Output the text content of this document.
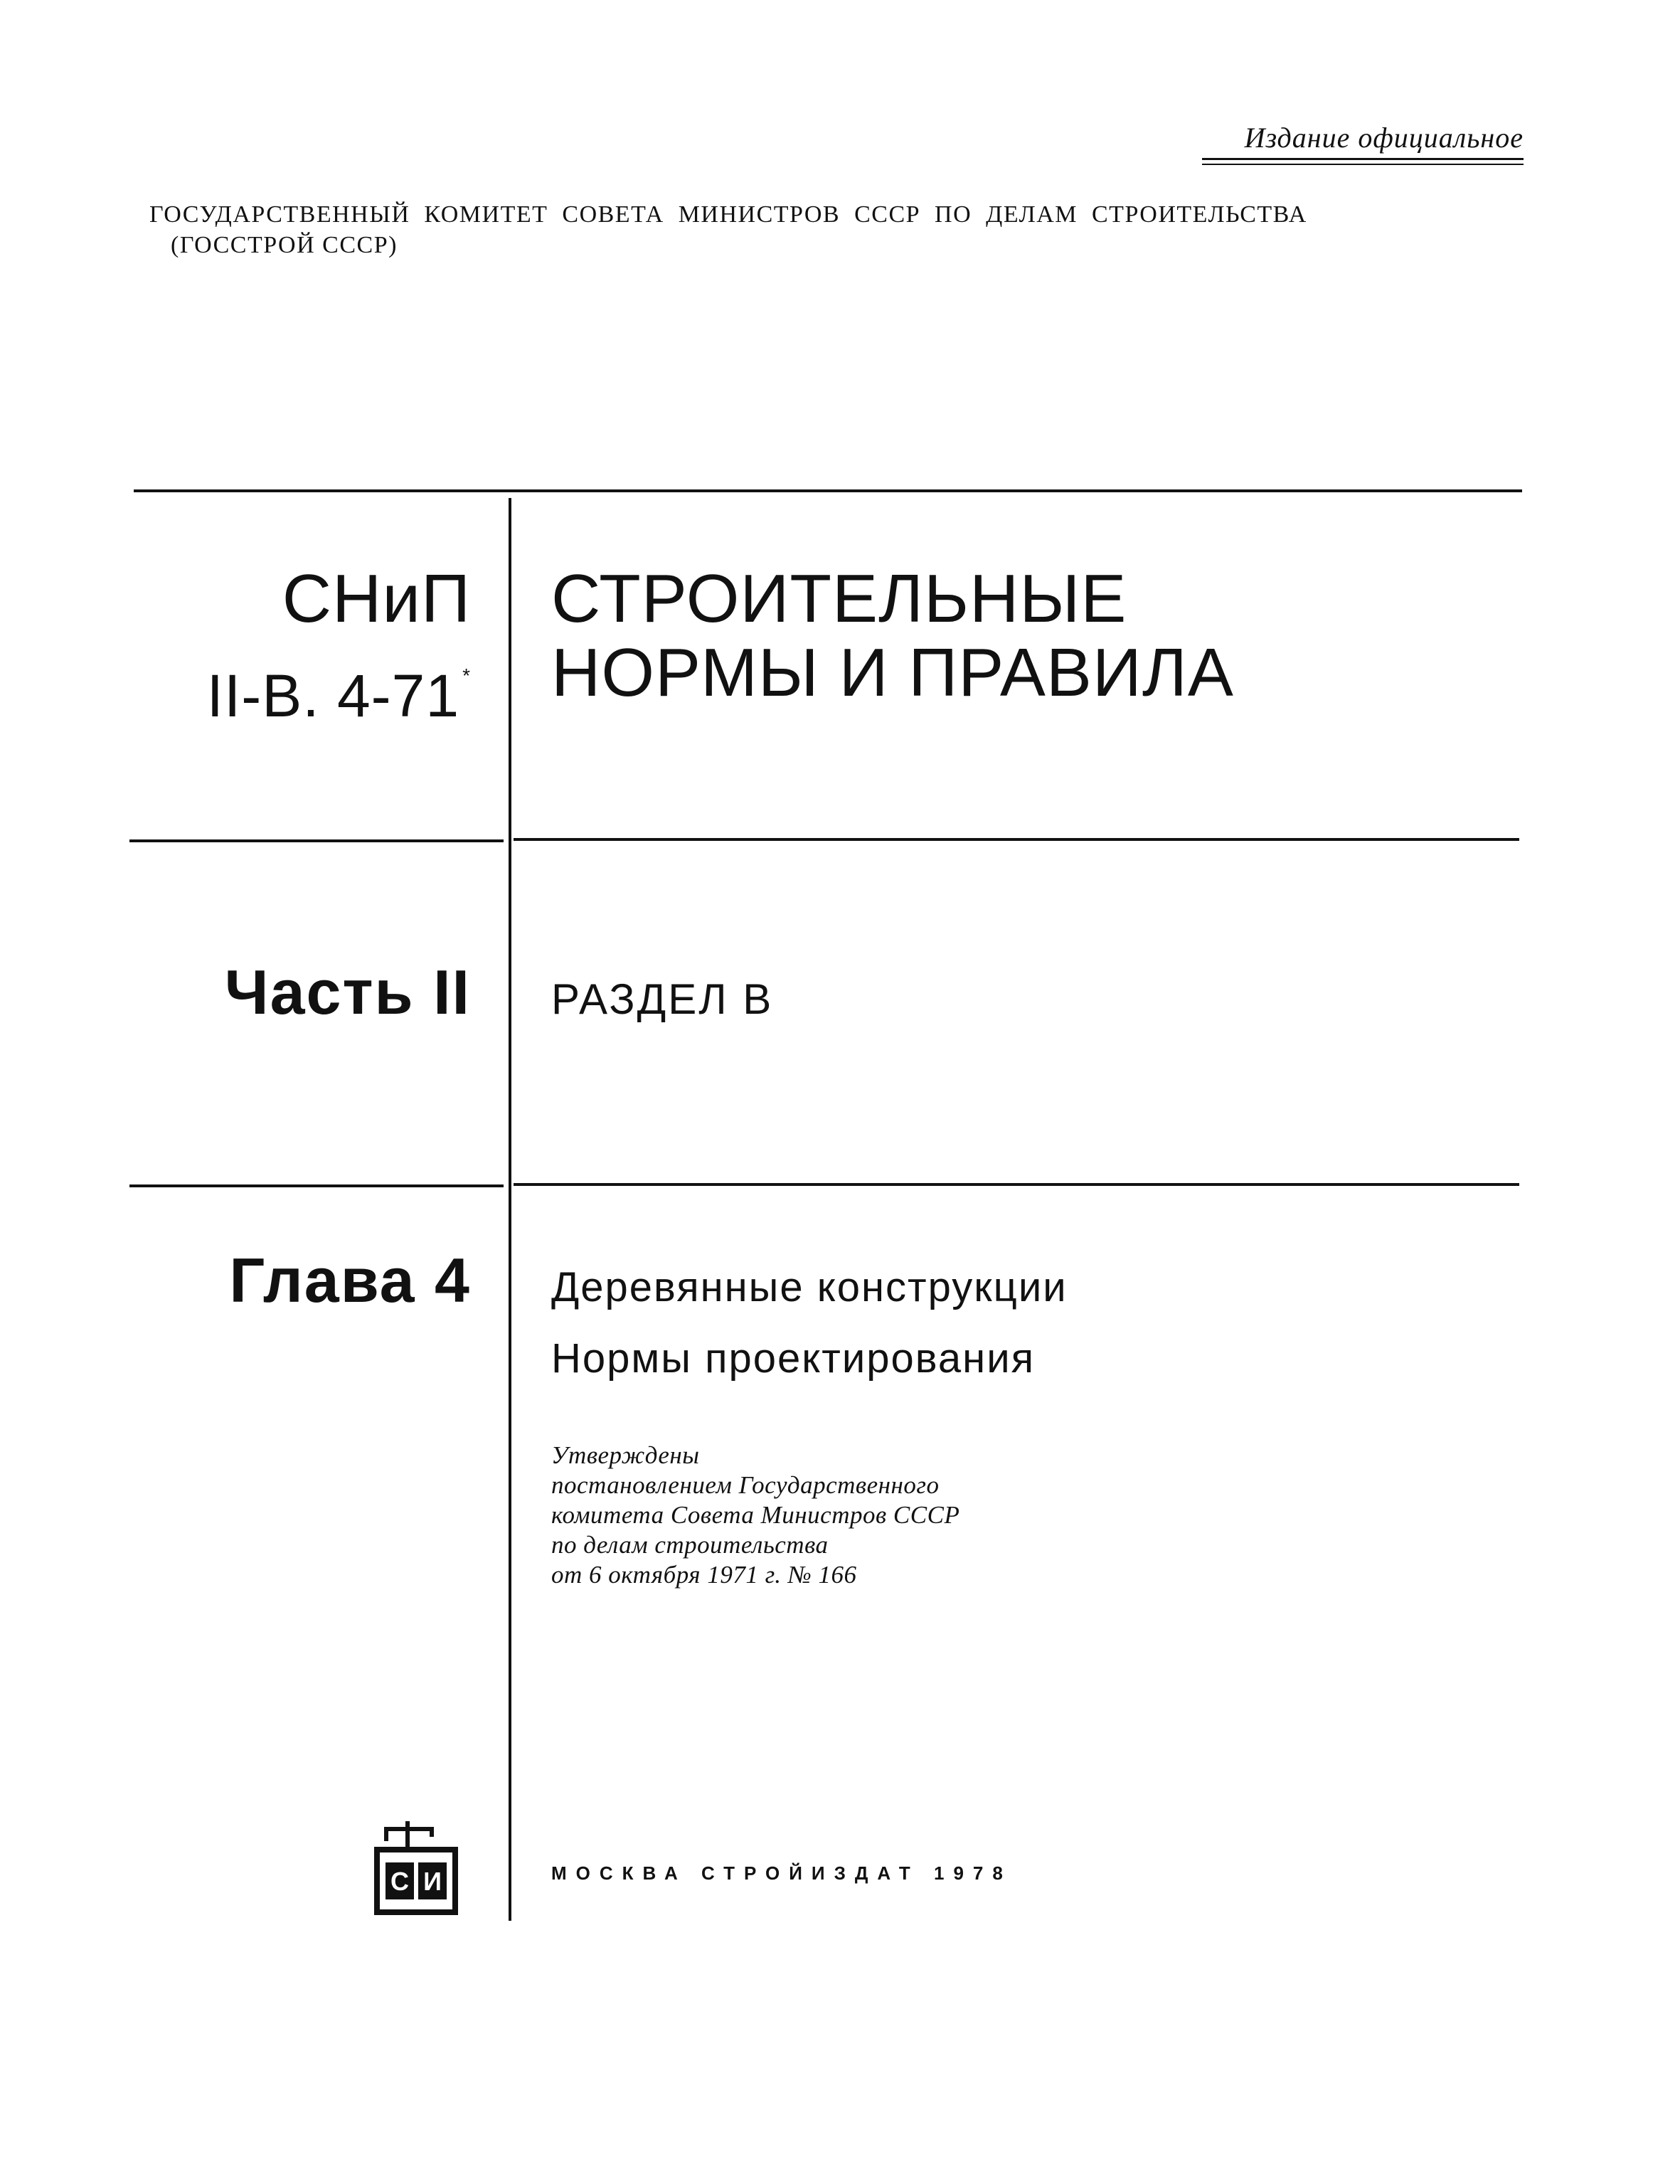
Издание официальное
ГОСУДАРСТВЕННЫЙ КОМИТЕТ СОВЕТА МИНИСТРОВ СССР ПО ДЕЛАМ СТРОИТЕЛЬСТВА
(ГОССТРОЙ СССР)
СНиП
II-В. 4-71 *
Часть II
Глава 4
СТРОИТЕЛЬНЫЕ
НОРМЫ И ПРАВИЛА
РАЗДЕЛ В
Деревянные конструкции
Нормы проектирования
Утверждены
постановлением Государственного
комитета Совета Министров СССР
по делам строительства
от 6 октября 1971 г. № 166
С И	МОСКВА СТРОЙИЗДАТ 1978
